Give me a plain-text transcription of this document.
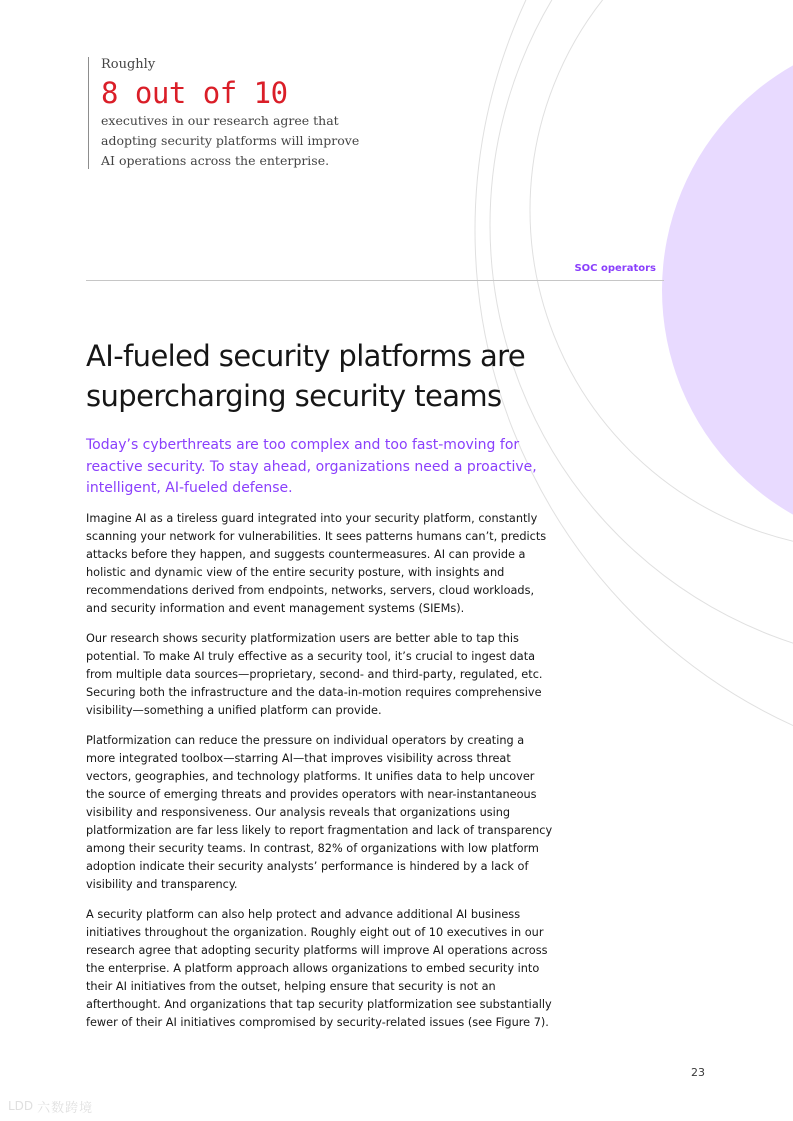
Roughly
8 out of 10
executives in our research agree that adopting security platforms will improve AI operations across the enterprise.
SOC operators
AI-fueled security platforms are supercharging security teams

Today’s cyberthreats are too complex and too fast-moving for reactive security. To stay ahead, organizations need a proactive, intelligent, AI-fueled defense.

Imagine AI as a tireless guard integrated into your security platform, constantly scanning your network for vulnerabilities. It sees patterns humans can’t, predicts attacks before they happen, and suggests countermeasures. AI can provide a holistic and dynamic view of the entire security posture, with insights and recommendations derived from endpoints, networks, servers, cloud workloads, and security information and event management systems (SIEMs).

Our research shows security platformization users are better able to tap this potential. To make AI truly effective as a security tool, it’s crucial to ingest data from multiple data sources—proprietary, second- and third-party, regulated, etc. Securing both the infrastructure and the data-in-motion requires comprehensive visibility—something a unified platform can provide.

Platformization can reduce the pressure on individual operators by creating a more integrated toolbox—starring AI—that improves visibility across threat vectors, geographies, and technology platforms. It unifies data to help uncover the source of emerging threats and provides operators with near-instantaneous visibility and responsiveness. Our analysis reveals that organizations using platformization are far less likely to report fragmentation and lack of transparency among their security teams. In contrast, 82% of organizations with low platform adoption indicate their security analysts’ performance is hindered by a lack of visibility and transparency.

A security platform can also help protect and advance additional AI business initiatives throughout the organization. Roughly eight out of 10 executives in our research agree that adopting security platforms will improve AI operations across the enterprise. A platform approach allows organizations to embed security into their AI initiatives from the outset, helping ensure that security is not an afterthought. And organizations that tap security platformization see substantially fewer of their AI initiatives compromised by security-related issues (see Figure 7).

23
LDD 六数跨境
